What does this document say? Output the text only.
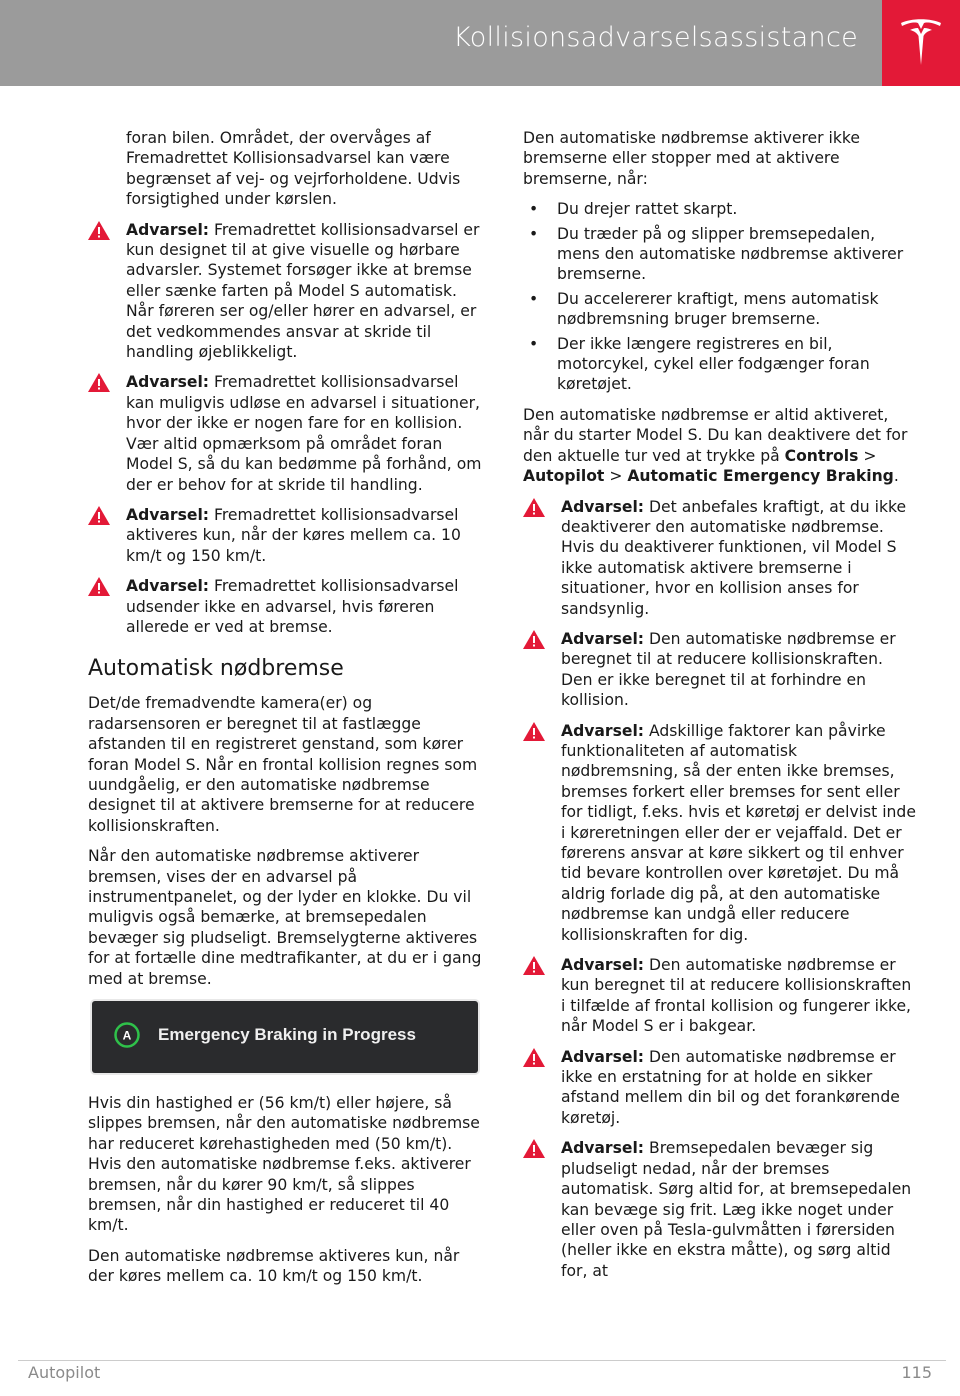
Kollisionsadvarselsassistance

foran bilen. Området, der overvåges af Fremadrettet Kollisionsadvarsel kan være begrænset af vej- og vejrforholdene. Udvis forsigtighed under kørslen.

Advarsel: Fremadrettet kollisionsadvarsel er kun designet til at give visuelle og hørbare advarsler. Systemet forsøger ikke at bremse eller sænke farten på Model S automatisk. Når føreren ser og/eller hører en advarsel, er det vedkommendes ansvar at skride til handling øjeblikkeligt.
Advarsel: Fremadrettet kollisionsadvarsel kan muligvis udløse en advarsel i situationer, hvor der ikke er nogen fare for en kollision. Vær altid opmærksom på området foran Model S, så du kan bedømme på forhånd, om der er behov for at skride til handling.
Advarsel: Fremadrettet kollisionsadvarsel aktiveres kun, når der køres mellem ca. 10 km/t og 150 km/t.
Advarsel: Fremadrettet kollisionsadvarsel udsender ikke en advarsel, hvis føreren allerede er ved at bremse.
Automatisk nødbremse

Det/de fremadvendte kamera(er) og radarsensoren er beregnet til at fastlægge afstanden til en registreret genstand, som kører foran Model S. Når en frontal kollision regnes som uundgåelig, er den automatiske nødbremse designet til at aktivere bremserne for at reducere kollisionskraften.

Når den automatiske nødbremse aktiverer bremsen, vises der en advarsel på instrumentpanelet, og der lyder en klokke. Du vil muligvis også bemærke, at bremsepedalen bevæger sig pludseligt. Bremselygterne aktiveres for at fortælle dine medtrafikanter, at du er i gang med at bremse.

A Emergency Braking in Progress

Hvis din hastighed er (56 km/t) eller højere, så slippes bremsen, når den automatiske nødbremse har reduceret kørehastigheden med (50 km/t). Hvis den automatiske nødbremse f.eks. aktiverer bremsen, når du kører 90 km/t, så slippes bremsen, når din hastighed er reduceret til 40 km/t.

Den automatiske nødbremse aktiveres kun, når der køres mellem ca. 10 km/t og 150 km/t.

Den automatiske nødbremse aktiverer ikke bremserne eller stopper med at aktivere bremserne, når:

• Du drejer rattet skarpt.
• Du træder på og slipper bremsepedalen, mens den automatiske nødbremse aktiverer bremserne.
• Du accelererer kraftigt, mens automatisk nødbremsning bruger bremserne.
• Der ikke længere registreres en bil, motorcykel, cykel eller fodgænger foran køretøjet.

Den automatiske nødbremse er altid aktiveret, når du starter Model S. Du kan deaktivere det for den aktuelle tur ved at trykke på Controls > Autopilot > Automatic Emergency Braking.

Advarsel: Det anbefales kraftigt, at du ikke deaktiverer den automatiske nødbremse. Hvis du deaktiverer funktionen, vil Model S ikke automatisk aktivere bremserne i situationer, hvor en kollision anses for sandsynlig.
Advarsel: Den automatiske nødbremse er beregnet til at reducere kollisionskraften. Den er ikke beregnet til at forhindre en kollision.
Advarsel: Adskillige faktorer kan påvirke funktionaliteten af automatisk nødbremsning, så der enten ikke bremses, bremses forkert eller bremses for sent eller for tidligt, f.eks. hvis et køretøj er delvist inde i køreretningen eller der er vejaffald. Det er førerens ansvar at køre sikkert og til enhver tid bevare kontrollen over køretøjet. Du må aldrig forlade dig på, at den automatiske nødbremse kan undgå eller reducere kollisionskraften for dig.
Advarsel: Den automatiske nødbremse er kun beregnet til at reducere kollisionskraften i tilfælde af frontal kollision og fungerer ikke, når Model S er i bakgear.
Advarsel: Den automatiske nødbremse er ikke en erstatning for at holde en sikker afstand mellem din bil og det forankørende køretøj.
Advarsel: Bremsepedalen bevæger sig pludseligt nedad, når der bremses automatisk. Sørg altid for, at bremsepedalen kan bevæge sig frit. Læg ikke noget under eller oven på Tesla-gulvmåtten i førersiden (heller ikke en ekstra måtte), og sørg altid for, at
Autopilot	115
